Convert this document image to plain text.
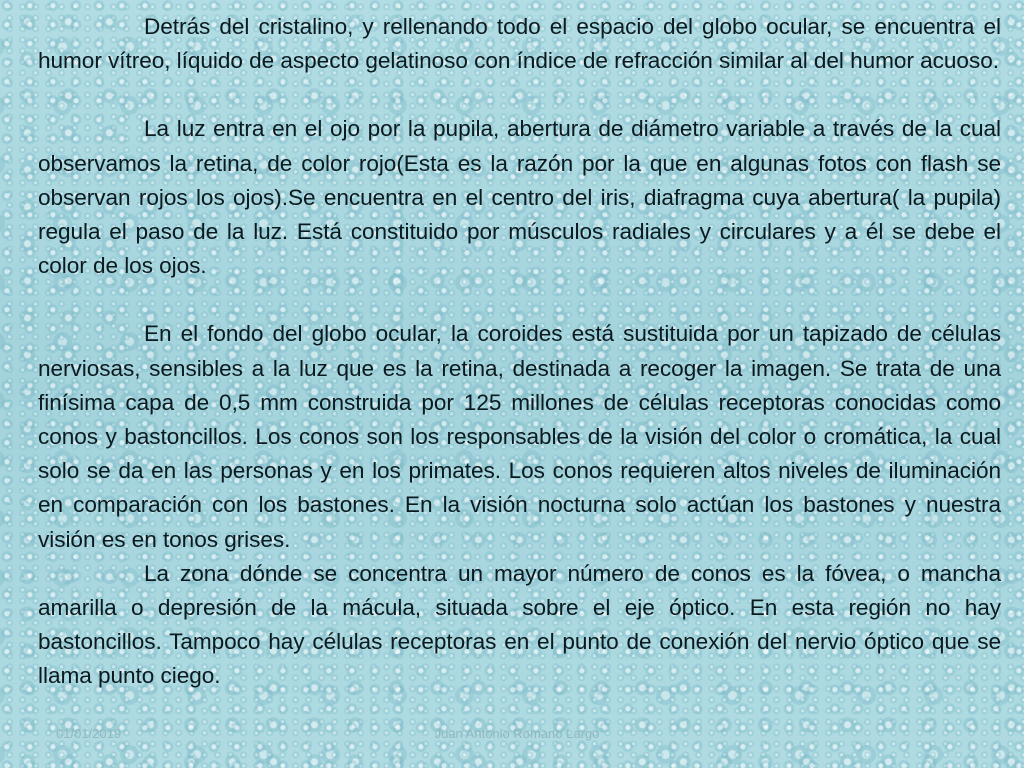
Detrás del cristalino, y rellenando todo el espacio del globo ocular, se encuentra el humor vítreo, líquido de aspecto gelatinoso con índice de refracción similar al del humor acuoso.

La luz entra en el ojo por la pupila, abertura de diámetro variable a través de la cual observamos la retina, de color rojo(Esta es la razón por la que en algunas fotos con flash se observan rojos los ojos).Se encuentra en el centro del iris, diafragma cuya abertura( la pupila) regula el paso de la luz. Está constituido por músculos radiales y circulares y a él se debe el color de los ojos.

En el fondo del globo ocular, la coroides está sustituida por un tapizado de células nerviosas, sensibles a la luz que es la retina, destinada a recoger la imagen. Se trata de una finísima capa de 0,5 mm construida por 125 millones de células receptoras conocidas como conos y bastoncillos. Los conos son los responsables de la visión del color o cromática, la cual solo se da en las personas y en los primates. Los conos requieren altos niveles de iluminación en comparación con los bastones. En la visión nocturna solo actúan los bastones y nuestra visión es en tonos grises.

La zona dónde se concentra un mayor número de conos es la fóvea, o mancha amarilla o depresión de la mácula, situada sobre el eje óptico. En esta región no hay bastoncillos. Tampoco hay células receptoras en el punto de conexión del nervio óptico que se llama punto ciego.

01/01/2019	Juan Antonio Romano Largo
